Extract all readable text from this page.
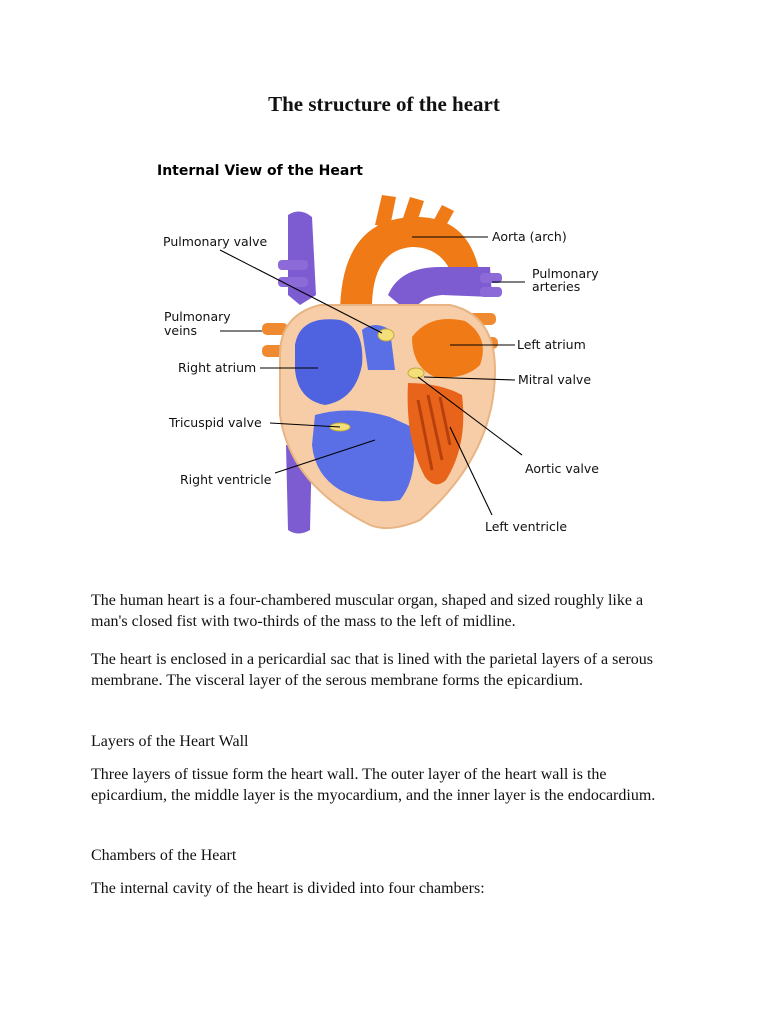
The structure of the heart
Internal View of the Heart
Pulmonary valve	Aorta (arch)
Pulmonary
arteries
Pulmonary
veins
Left atrium
Right atrium
Mitral valve
Tricuspid valve
Aortic valve
Right ventricle
Left ventricle

The human heart is a four-chambered muscular organ, shaped and sized roughly like a man's closed fist with two-thirds of the mass to the left of midline.

The heart is enclosed in a pericardial sac that is lined with the parietal layers of a serous membrane. The visceral layer of the serous membrane forms the epicardium.

Layers of the Heart Wall

Three layers of tissue form the heart wall. The outer layer of the heart wall is the epicardium, the middle layer is the myocardium, and the inner layer is the endocardium.

Chambers of the Heart

The internal cavity of the heart is divided into four chambers:
